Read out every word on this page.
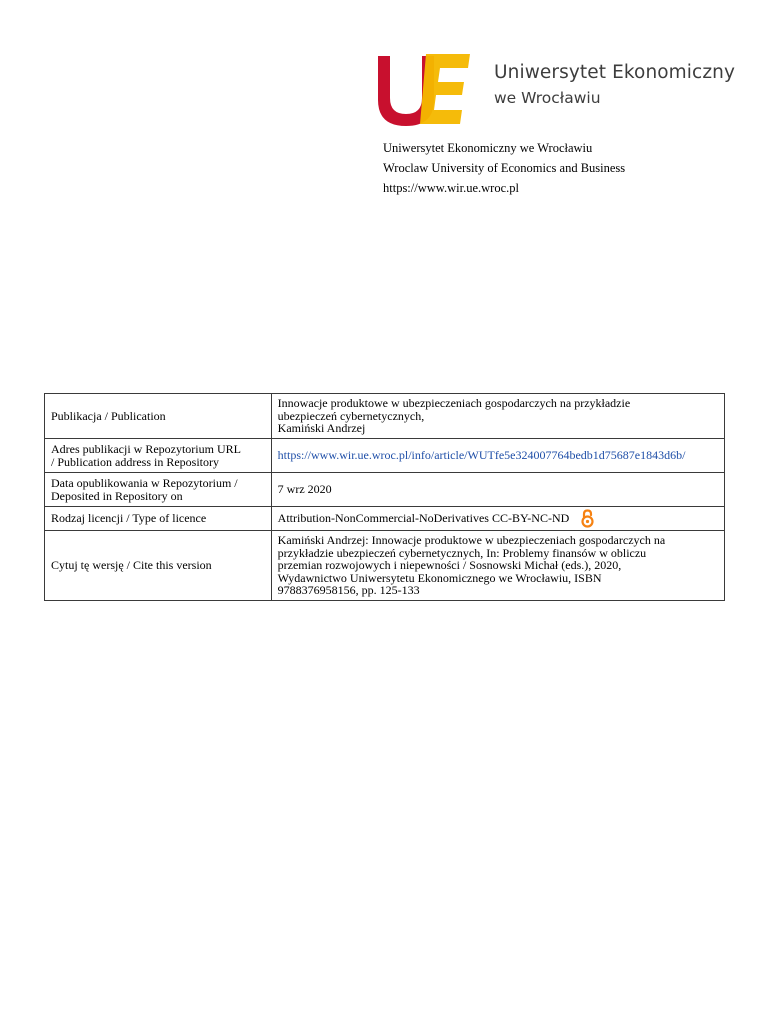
Uniwersytet Ekonomiczny
we Wrocławiu
Uniwersytet Ekonomiczny we Wrocławiu
Wroclaw University of Economics and Business
https://www.wir.ue.wroc.pl
Publikacja / Publication	Innowacje produktowe w ubezpieczeniach gospodarczych na przykładzie
ubezpieczeń cybernetycznych,
Kamiński Andrzej

Adres publikacji w Repozytorium URL
/ Publication address in Repository	https://www.wir.ue.wroc.pl/info/article/WUTfe5e324007764bedb1d75687e1843d6b/

Data opublikowania w Repozytorium /
Deposited in Repository on	7 wrz 2020
Rodzaj licencji / Type of licence	Attribution-NonCommercial-NoDerivatives CC-BY-NC-ND

Cytuj tę wersję / Cite this version	Kamiński Andrzej: Innowacje produktowe w ubezpieczeniach gospodarczych na
przykładzie ubezpieczeń cybernetycznych, In: Problemy finansów w obliczu
przemian rozwojowych i niepewności / Sosnowski Michał (eds.), 2020,
Wydawnictwo Uniwersytetu Ekonomicznego we Wrocławiu, ISBN
9788376958156, pp. 125-133
